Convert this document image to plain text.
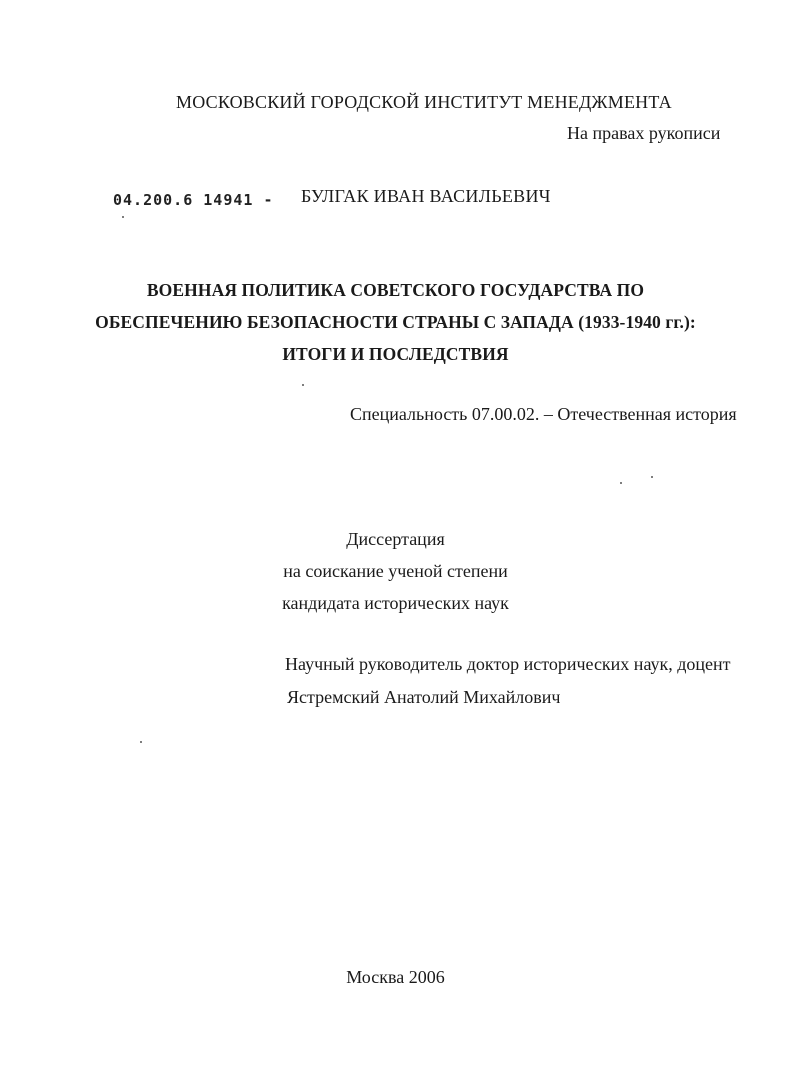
МОСКОВСКИЙ ГОРОДСКОЙ ИНСТИТУТ МЕНЕДЖМЕНТА
На правах рукописи
04.200.6 14941 - БУЛГАК ИВАН ВАСИЛЬЕВИЧ
ВОЕННАЯ ПОЛИТИКА СОВЕТСКОГО ГОСУДАРСТВА ПО
ОБЕСПЕЧЕНИЮ БЕЗОПАСНОСТИ СТРАНЫ С ЗАПАДА (1933-1940 гг.):
ИТОГИ И ПОСЛЕДСТВИЯ
Специальность 07.00.02. – Отечественная история
Диссертация
на соискание ученой степени
кандидата исторических наук
Научный руководитель доктор исторических наук, доцент
Ястремский Анатолий Михайлович
Москва 2006
